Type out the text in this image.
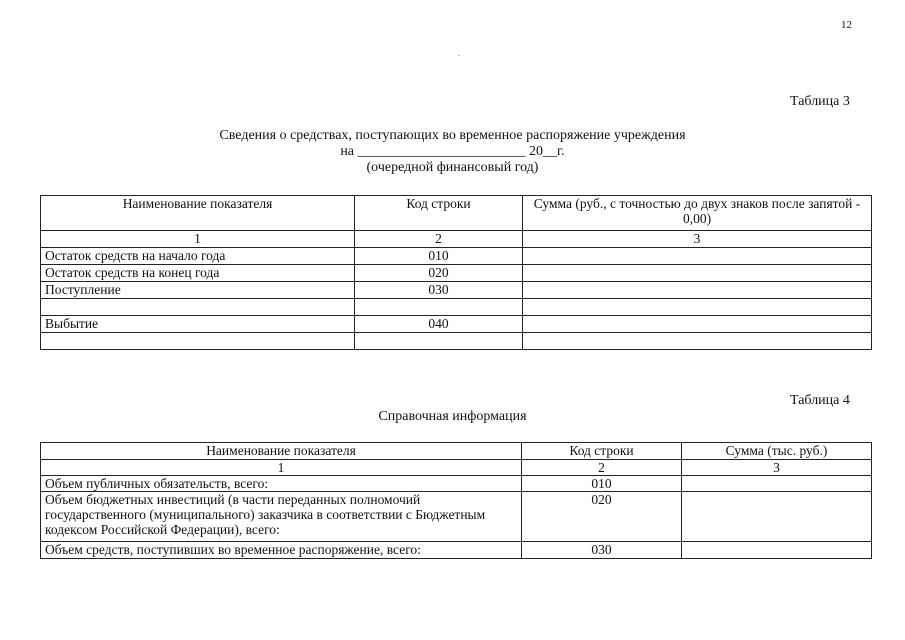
12
Таблица 3
Сведения о средствах, поступающих во временное распоряжение учреждения
на ________________________ 20__г.
(очередной финансовый год)
Наименование показателя	Код строки	Сумма (руб., с точностью до двух знаков после запятой - 0,00)
1	2	3
Остаток средств на начало года	010	
Остаток средств на конец года	020	
Поступление	030	

Выбытие	040	

Таблица 4
Справочная информация
Наименование показателя	Код строки	Сумма (тыс. руб.)
1	2	3
Объем публичных обязательств, всего:	010	
Объем бюджетных инвестиций (в части переданных полномочий государственного (муниципального) заказчика в соответствии с Бюджетным кодексом Российской Федерации), всего:	020	
Объем средств, поступивших во временное распоряжение, всего:	030	
